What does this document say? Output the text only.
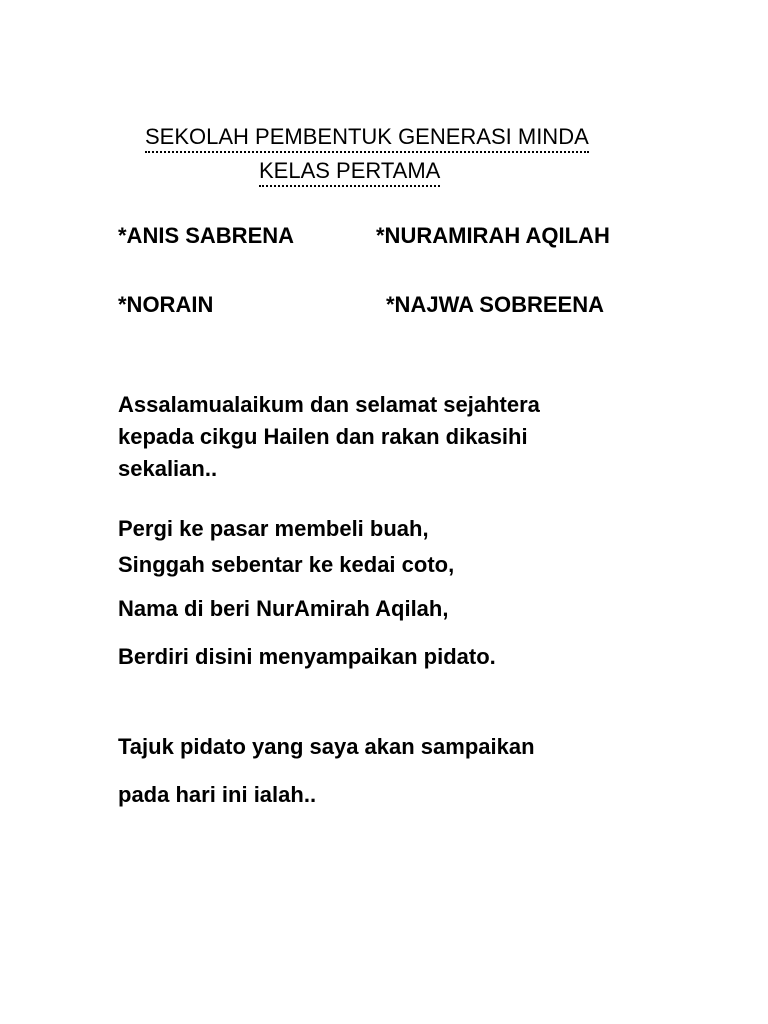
SEKOLAH PEMBENTUK GENERASI MINDA
KELAS PERTAMA
*ANIS SABRENA	*NURAMIRAH AQILAH
*NORAIN	*NAJWA SOBREENA
Assalamualaikum dan selamat sejahtera
kepada cikgu Hailen dan rakan dikasihi
sekalian..
Pergi ke pasar membeli buah,
Singgah sebentar ke kedai coto,
Nama di beri NurAmirah Aqilah,
Berdiri disini menyampaikan pidato.
Tajuk pidato yang saya akan sampaikan
pada hari ini ialah..
